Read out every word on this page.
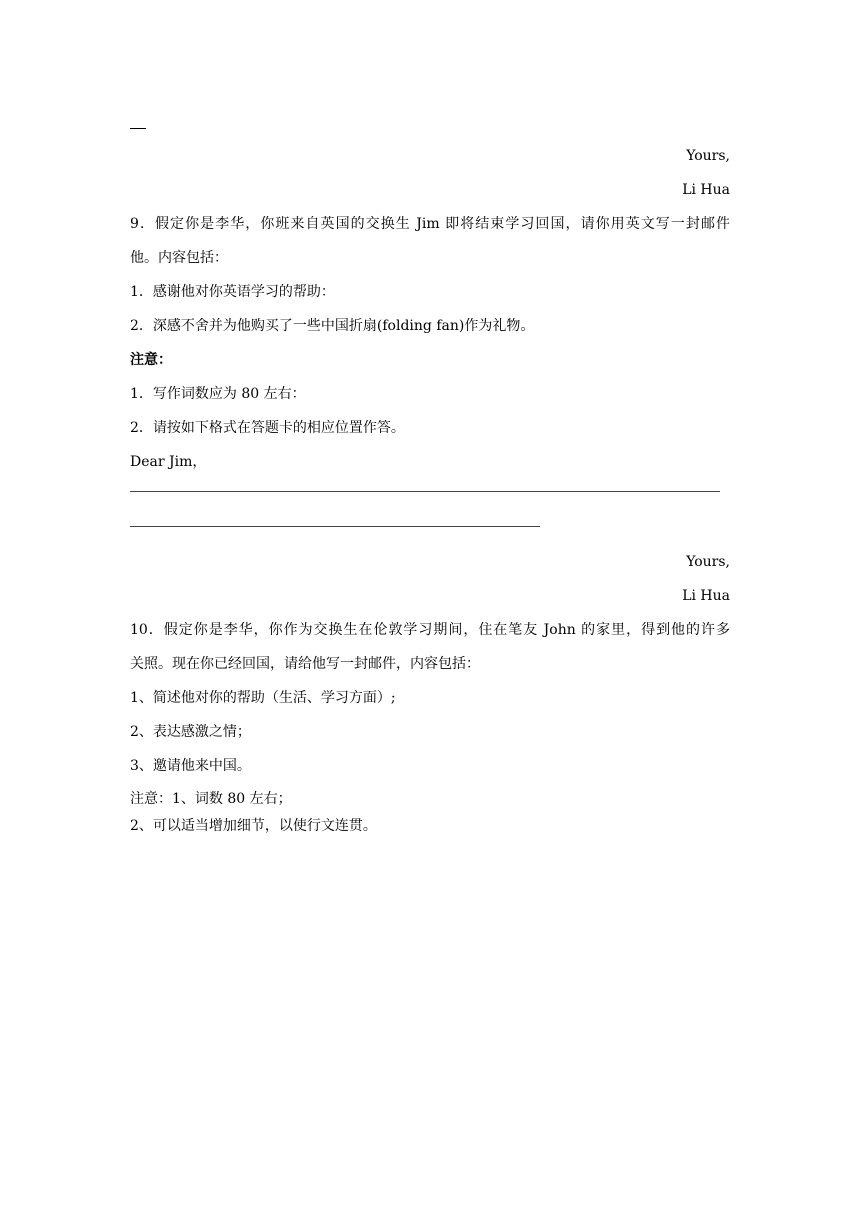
Yours,
Li Hua
9．假定你是李华，你班来自英国的交换生 Jim 即将结束学习回国，请你用英文写一封邮件
他。内容包括：
1．感谢他对你英语学习的帮助：
2．深感不舍并为他购买了一些中国折扇(folding fan)作为礼物。
注意：
1．写作词数应为 80 左右：
2．请按如下格式在答题卡的相应位置作答。
Dear Jim，
Yours,
Li Hua
10．假定你是李华，你作为交换生在伦敦学习期间，住在笔友 John 的家里，得到他的许多
关照。现在你已经回国，请给他写一封邮件，内容包括：
1、简述他对你的帮助（生活、学习方面）;
2、表达感激之情；
3、邀请他来中国。
注意：1、词数 80 左右；
2、可以适当增加细节，以使行文连贯。
